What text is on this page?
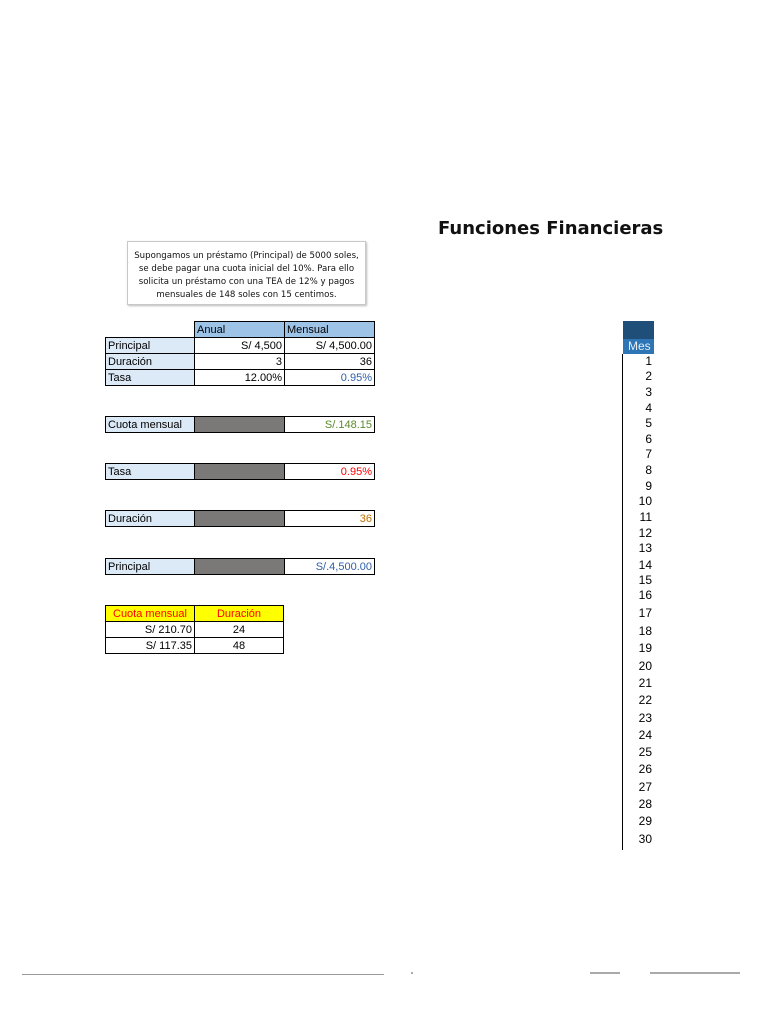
Funciones Financieras
Supongamos un préstamo (Principal) de 5000 soles,
se debe pagar una cuota inicial del 10%. Para ello
solicita un préstamo con una TEA de 12% y pagos
mensuales de 148 soles con 15 centimos.
	Anual	Mensual
Principal	S/ 4,500	S/ 4,500.00
Duración	3	36
Tasa	12.00%	0.95%
Cuota mensual		S/.148.15
Tasa		0.95%
Duración		36
Principal		S/.4,500.00
Cuota mensual	Duración
S/ 210.70	24
S/ 117.35	48
Mes
1
2
3
4
5
6
7
8
9
10
11
12
13
14
15
16
17
18
19
20
21
22
23
24
25
26
27
28
29
30
